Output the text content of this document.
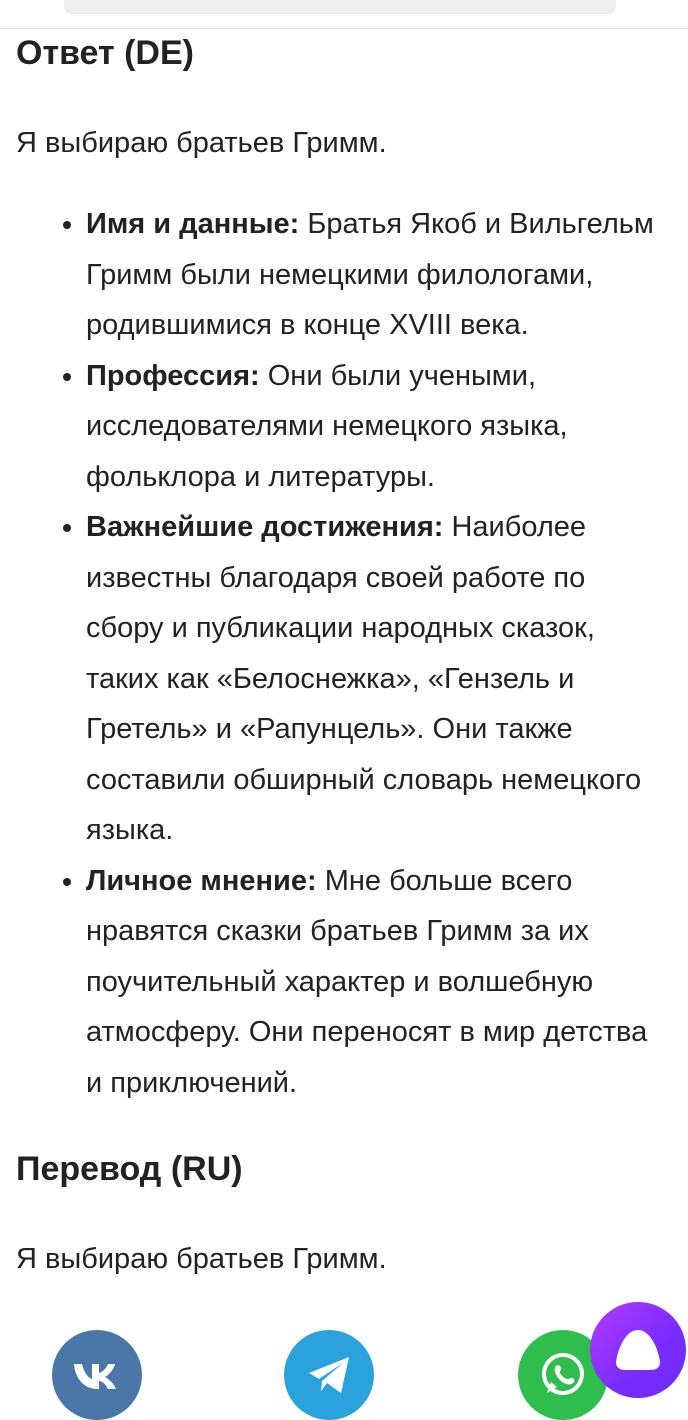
Ответ (DE)

Я выбираю братьев Гримм.

• Имя и данные: Братья Якоб и Вильгельм Гримм были немецкими филологами, родившимися в конце XVIII века.
• Профессия: Они были учеными, исследователями немецкого языка, фольклора и литературы.
• Важнейшие достижения: Наиболее известны благодаря своей работе по сбору и публикации народных сказок, таких как «Белоснежка», «Гензель и Гретель» и «Рапунцель». Они также составили обширный словарь немецкого языка.
• Личное мнение: Мне больше всего нравятся сказки братьев Гримм за их поучительный характер и волшебную атмосферу. Они переносят в мир детства и приключений.
Перевод (RU)

Я выбираю братьев Гримм.
